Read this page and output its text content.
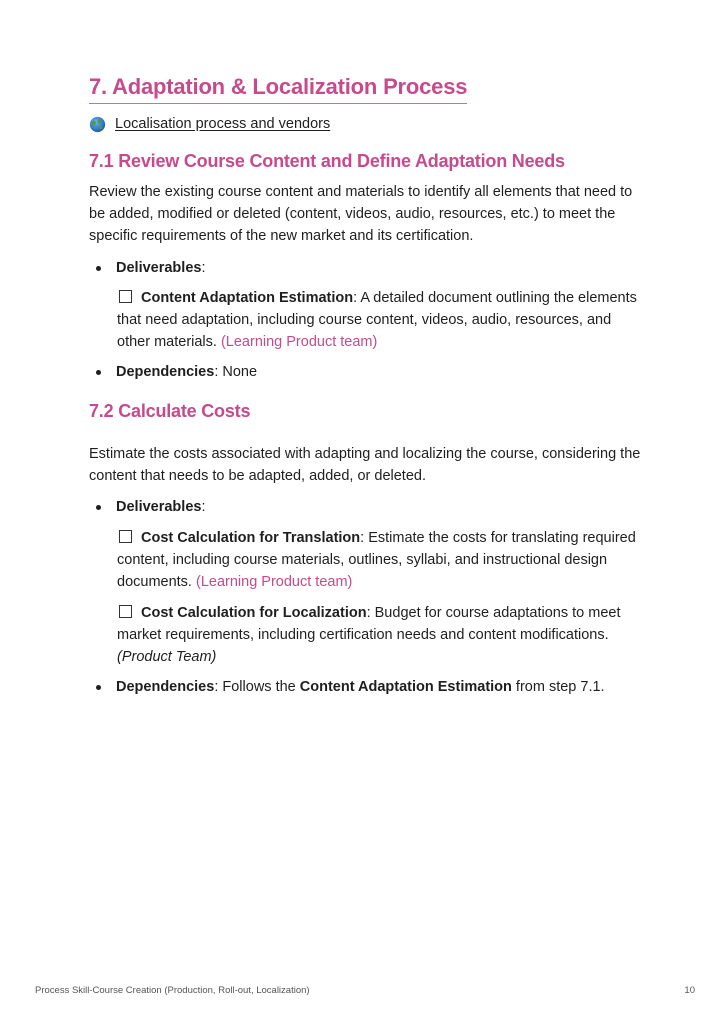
7. Adaptation & Localization Process
Localisation process and vendors
7.1 Review Course Content and Define Adaptation Needs
Review the existing course content and materials to identify all elements that need to be added, modified or deleted (content, videos, audio, resources, etc.) to meet the specific requirements of the new market and its certification.
Deliverables:
Content Adaptation Estimation: A detailed document outlining the elements that need adaptation, including course content, videos, audio, resources, and other materials. (Learning Product team)
Dependencies: None
7.2 Calculate Costs
Estimate the costs associated with adapting and localizing the course, considering the content that needs to be adapted, added, or deleted.
Deliverables:
Cost Calculation for Translation: Estimate the costs for translating required content, including course materials, outlines, syllabi, and instructional design documents. (Learning Product team)
Cost Calculation for Localization: Budget for course adaptations to meet market requirements, including certification needs and content modifications. (Product Team)
Dependencies: Follows the Content Adaptation Estimation from step 7.1.
Process Skill-Course Creation (Production, Roll-out, Localization)	10
